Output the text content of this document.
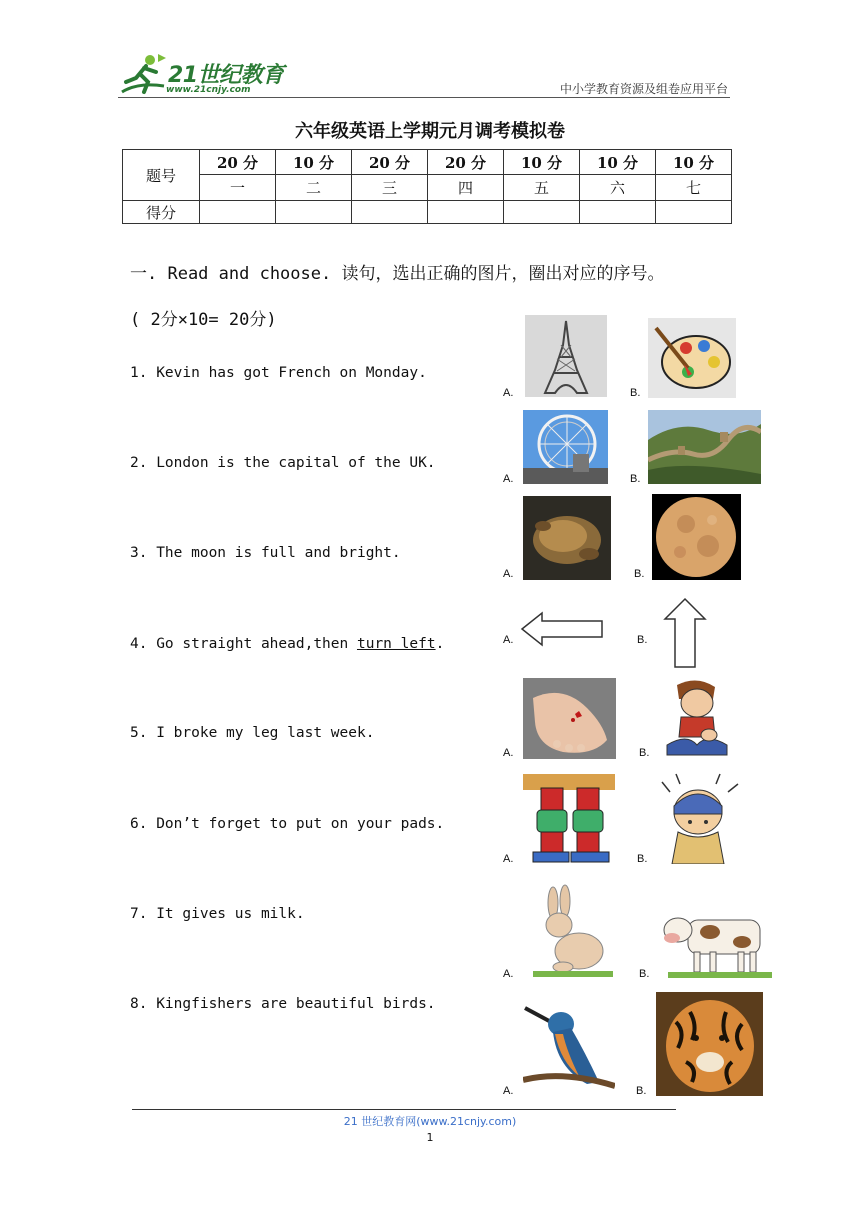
21世纪教育
www.21cnjy.com	中小学教育资源及组卷应用平台
六年级英语上学期元月调考模拟卷
题号	20 分	10 分	20 分	20 分	10 分	10 分	10 分
	一	二	三	四	五	六	七
得分							
一. Read and choose. 读句，选出正确的图片，圈出对应的序号。
( 2分×10= 20分)
1. Kevin has got French on Monday.
2. London is the capital of the UK.
3. The moon is full and bright.
4. Go straight ahead,then turn left.
5. I broke my leg last week.
6. Don’t forget to put on your pads.
7. It gives us milk.
8. Kingfishers are beautiful birds.
A.	B.
A.	B.
A.	B.
A.	B.
A.	B.
A.	B.
A.	B.
A.	B.
21 世纪教育网(www.21cnjy.com)
1
